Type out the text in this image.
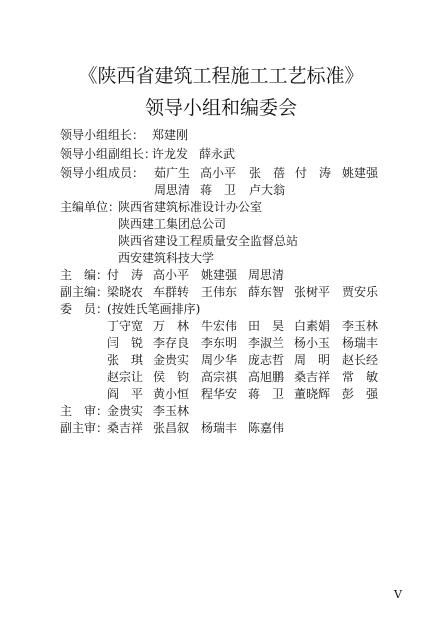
《陕西省建筑工程施工工艺标准》
领导小组和编委会
领导小组组长： 郑建刚
领导小组副组长：
许龙发 薛永武
领导小组成员： 茹广生 高小平 张　蓓 付　涛 姚建强
周思清 蒋　卫 卢大翁
主编单位：
陕西省建筑标准设计办公室
陕西建工集团总公司
陕西省建设工程质量安全监督总站
西安建筑科技大学
主　编：
付　涛 高小平 姚建强 周思清
副主编：
梁晓农 车群转 王伟东 薛东智 张树平 贾安乐
委　员：
(按姓氏笔画排序)
丁守宽 万　林 牛宏伟 田　昊 白素娟 李玉林
闫　锐 李存良 李东明 李淑兰 杨小玉 杨瑞丰
张　琪 金贵实 周少华 庞志哲 周　明 赵长经
赵宗让 侯　钧 高宗祺 高旭鹏 桑吉祥 常　敏
阎　平 黄小恒 程华安 蒋　卫 董晓辉 彭　强
主　审：
金贵实 李玉林
副主审：
桑吉祥 张昌叙 杨瑞丰 陈嘉伟
V
